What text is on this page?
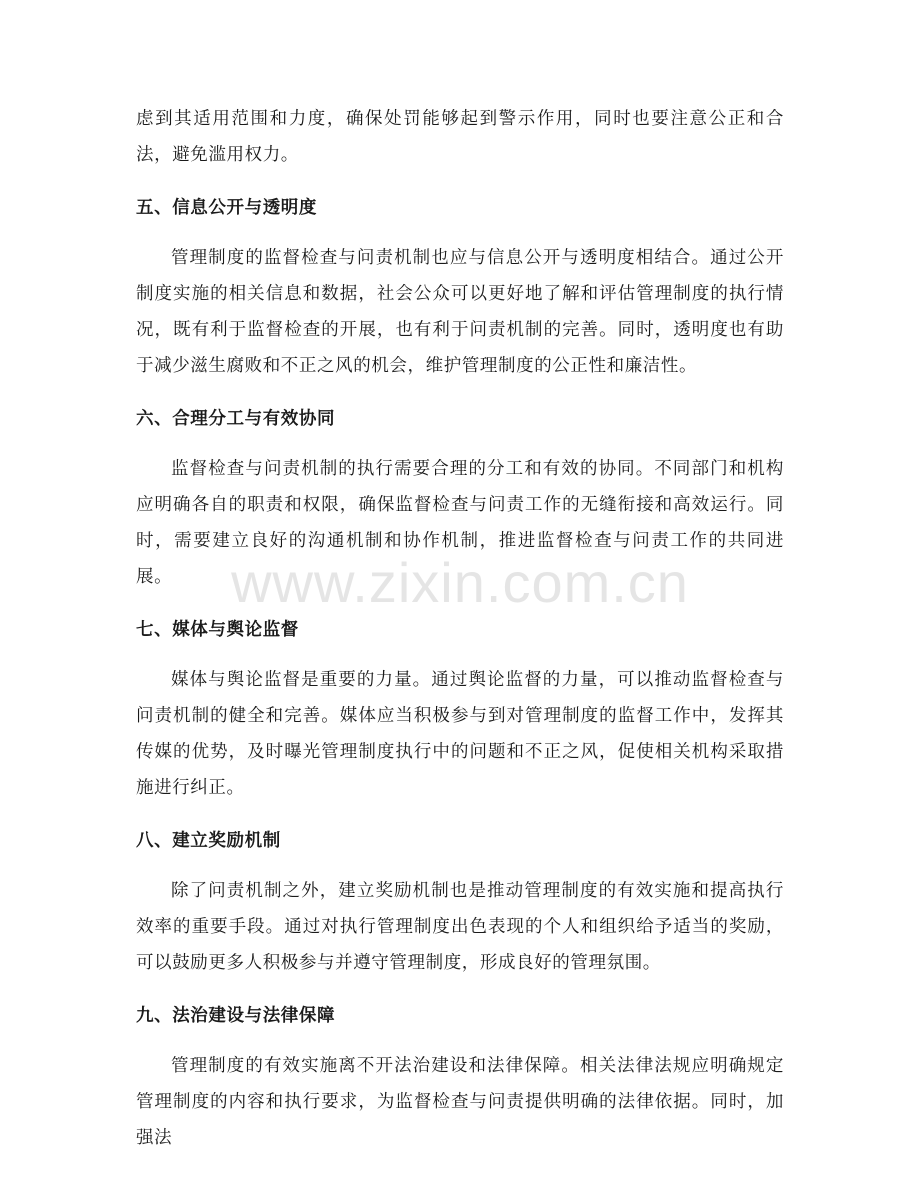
虑到其适用范围和力度，确保处罚能够起到警示作用，同时也要注意公正和合法，避免滥用权力。

五、信息公开与透明度

管理制度的监督检查与问责机制也应与信息公开与透明度相结合。通过公开制度实施的相关信息和数据，社会公众可以更好地了解和评估管理制度的执行情况，既有利于监督检查的开展，也有利于问责机制的完善。同时，透明度也有助于减少滋生腐败和不正之风的机会，维护管理制度的公正性和廉洁性。

六、合理分工与有效协同

监督检查与问责机制的执行需要合理的分工和有效的协同。不同部门和机构应明确各自的职责和权限，确保监督检查与问责工作的无缝衔接和高效运行。同时，需要建立良好的沟通机制和协作机制，推进监督检查与问责工作的共同进展。

七、媒体与舆论监督

媒体与舆论监督是重要的力量。通过舆论监督的力量，可以推动监督检查与问责机制的健全和完善。媒体应当积极参与到对管理制度的监督工作中，发挥其传媒的优势，及时曝光管理制度执行中的问题和不正之风，促使相关机构采取措施进行纠正。

八、建立奖励机制

除了问责机制之外，建立奖励机制也是推动管理制度的有效实施和提高执行效率的重要手段。通过对执行管理制度出色表现的个人和组织给予适当的奖励，可以鼓励更多人积极参与并遵守管理制度，形成良好的管理氛围。

九、法治建设与法律保障

管理制度的有效实施离不开法治建设和法律保障。相关法律法规应明确规定管理制度的内容和执行要求，为监督检查与问责提供明确的法律依据。同时，加强法

www.zixin.com.cn
